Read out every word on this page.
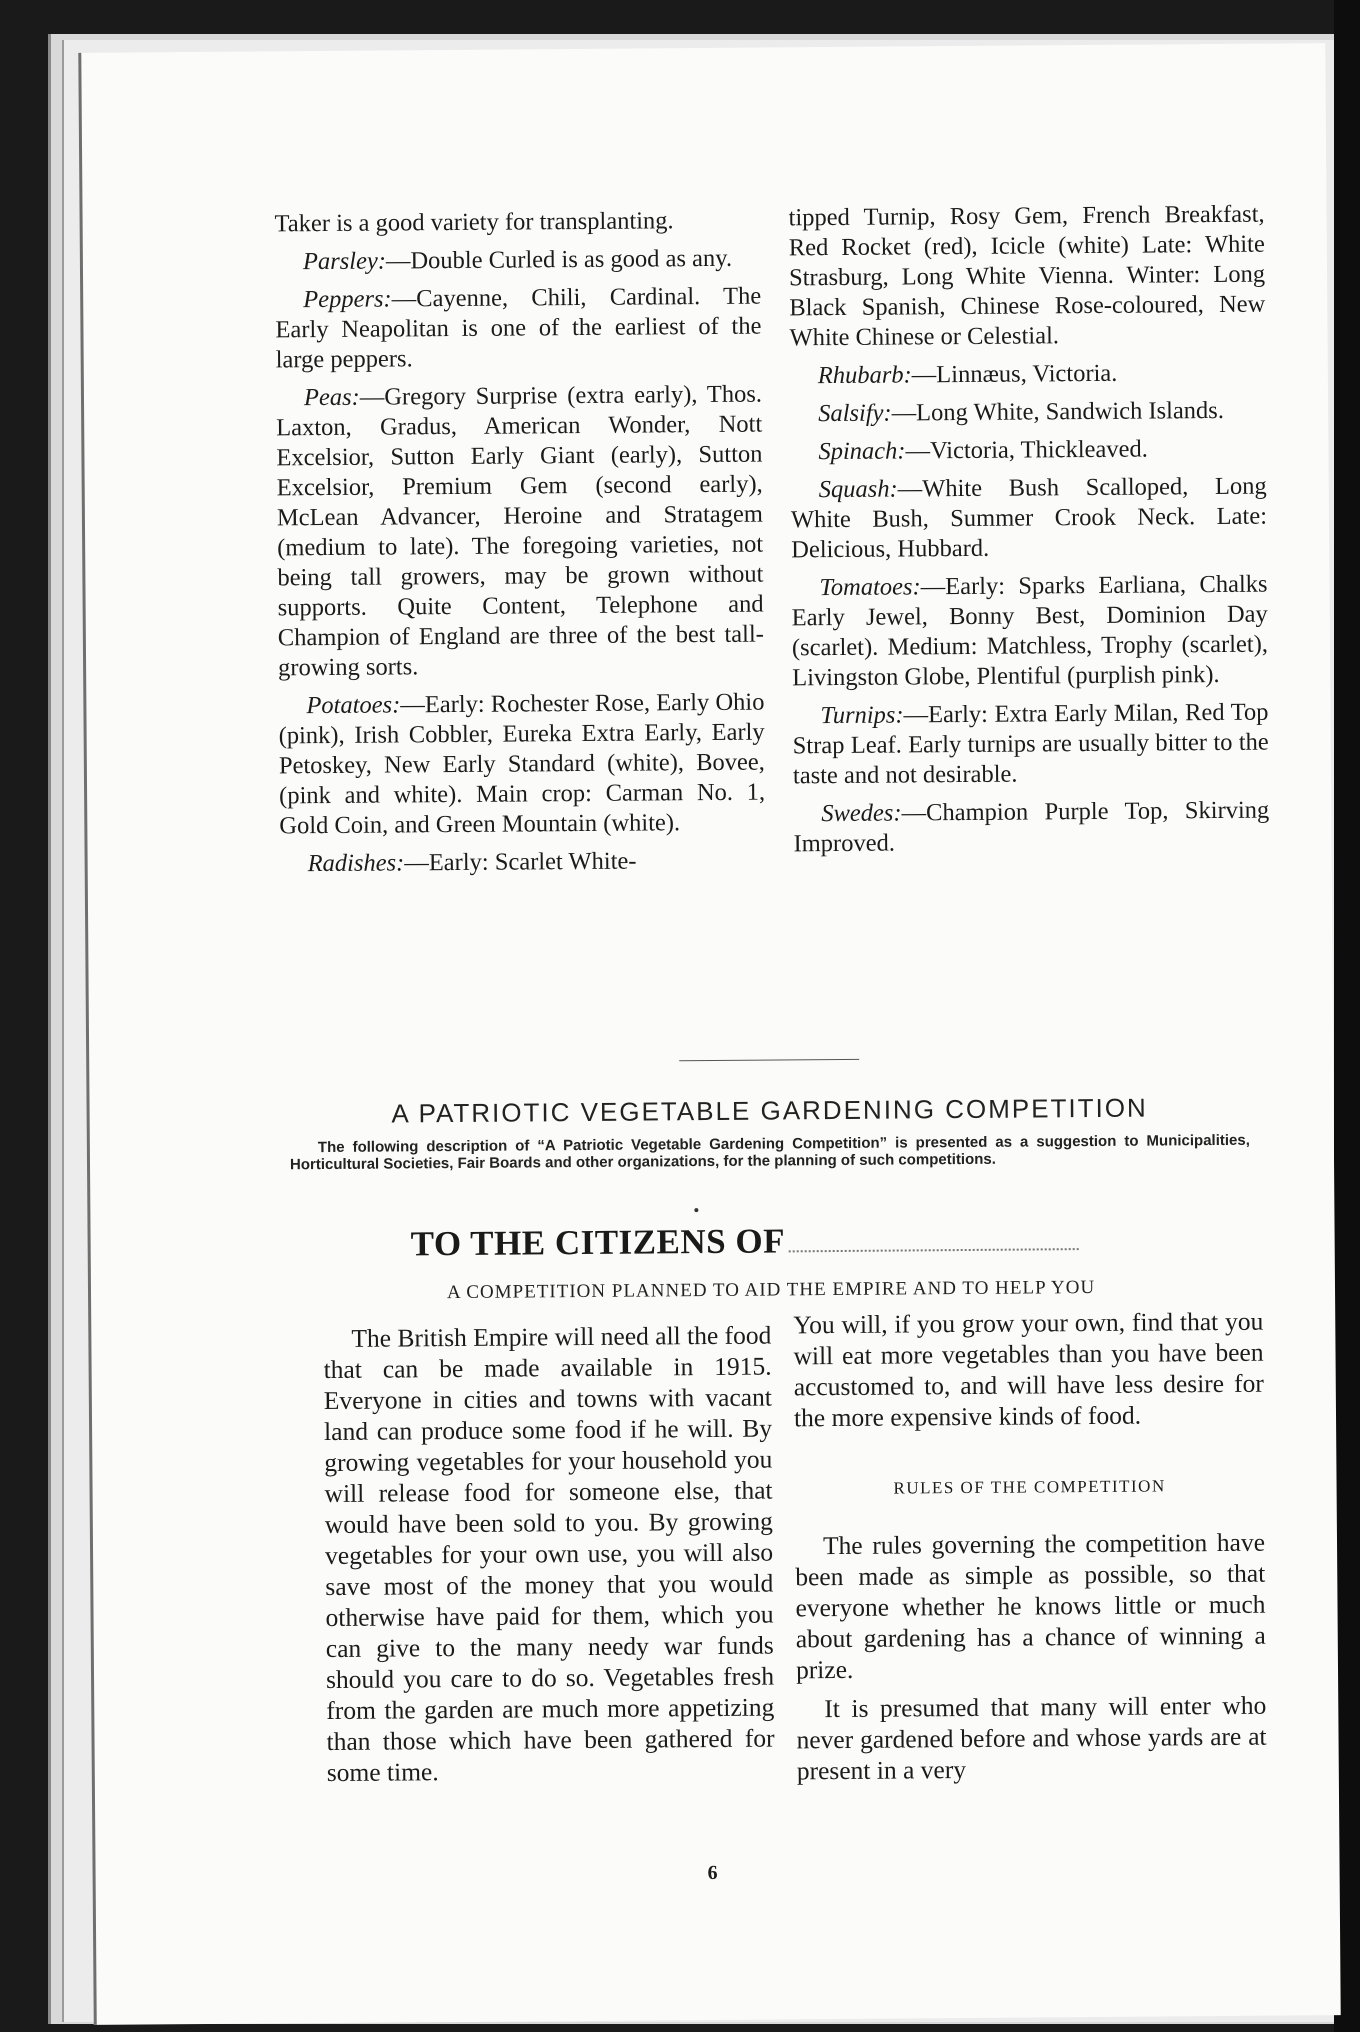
Taker is a good variety for transplanting.

Parsley:—Double Curled is as good as any.

Peppers:—Cayenne, Chili, Cardinal. The Early Neapolitan is one of the earliest of the large peppers.

Peas:—Gregory Surprise (extra early), Thos. Laxton, Gradus, American Wonder, Nott Excelsior, Sutton Early Giant (early), Sutton Excelsior, Premium Gem (second early), McLean Advancer, Heroine and Stratagem (medium to late). The foregoing varieties, not being tall growers, may be grown without supports. Quite Content, Telephone and Champion of England are three of the best tall-growing sorts.

Potatoes:—Early: Rochester Rose, Early Ohio (pink), Irish Cobbler, Eureka Extra Early, Early Petoskey, New Early Standard (white), Bovee, (pink and white). Main crop: Carman No. 1, Gold Coin, and Green Mountain (white).

Radishes:—Early: Scarlet White-

tipped Turnip, Rosy Gem, French Breakfast, Red Rocket (red), Icicle (white) Late: White Strasburg, Long White Vienna. Winter: Long Black Spanish, Chinese Rose-coloured, New White Chinese or Celestial.

Rhubarb:—Linnæus, Victoria.

Salsify:—Long White, Sandwich Islands.

Spinach:—Victoria, Thickleaved.

Squash:—White Bush Scalloped, Long White Bush, Summer Crook Neck. Late: Delicious, Hubbard.

Tomatoes:—Early: Sparks Earliana, Chalks Early Jewel, Bonny Best, Dominion Day (scarlet). Medium: Matchless, Trophy (scarlet), Livingston Globe, Plentiful (purplish pink).

Turnips:—Early: Extra Early Milan, Red Top Strap Leaf. Early turnips are usually bitter to the taste and not desirable.

Swedes:—Champion Purple Top, Skirving Improved.

A PATRIOTIC VEGETABLE GARDENING COMPETITION
The following description of “A Patriotic Vegetable Gardening Competition” is presented as a suggestion to Municipalities, Horticultural Societies, Fair Boards and other organizations, for the planning of such competitions.
TO THE CITIZENS OF
A COMPETITION PLANNED TO AID THE EMPIRE AND TO HELP YOU

The British Empire will need all the food that can be made available in 1915. Everyone in cities and towns with vacant land can produce some food if he will. By growing vegetables for your household you will release food for someone else, that would have been sold to you. By growing vegetables for your own use, you will also save most of the money that you would otherwise have paid for them, which you can give to the many needy war funds should you care to do so. Vegetables fresh from the garden are much more appetizing than those which have been gathered for some time.

You will, if you grow your own, find that you will eat more vegetables than you have been accustomed to, and will have less desire for the more expensive kinds of food.

RULES OF THE COMPETITION

The rules governing the competition have been made as simple as possible, so that everyone whether he knows little or much about gardening has a chance of winning a prize.

It is presumed that many will enter who never gardened before and whose yards are at present in a very

6
